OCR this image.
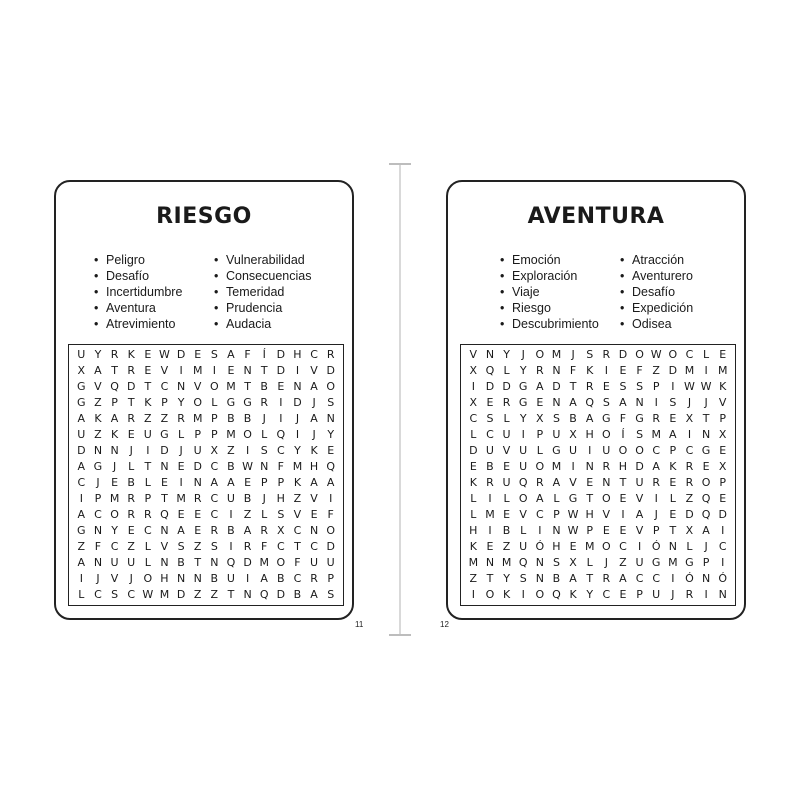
RIESGO
• Peligro
• Desafío
• Incertidumbre
• Aventura
• Atrevimiento
• Vulnerabilidad
• Consecuencias
• Temeridad
• Prudencia
• Audacia
U Y R K E W D E S A F	Í D H C R
X A T R E V	I M I	E N T D I	V D
G V Q D T C N V O M T B E N A O
G Z P T K P Y O L G G R	I D J	S
A K A R Z Z R M P B B	J	I	J	A N
U Z K E U G L P P M O L Q I	J	Y
D N N J	I D J U X Z	I	S C Y K E
A G J	L T N E D C B W N F M H Q
C	J	E B L E	I N A A E P P K A A
I	P M R P T M R C U B	J H Z V	I
A C O R R Q E E C	I	Z L S V E F
G N Y E C N A E R B A R X C N O
Z F C Z L V S Z S	I	R F C T C D
A N U U L N B T N Q D M O F U U
I	J	V	J O H N N B U I	A B C R P
L C S C W M D Z Z T N Q D B A S
11
AVENTURA
• Emoción
• Exploración
• Viaje
• Riesgo
• Descubrimiento
• Atracción
• Aventurero
• Desafío
• Expedición
• Odisea
V N Y	J O M J	S R D O W O C L E
X Q L Y R N F K	I	E F Z D M I M
I D D G A D T R E S S P	I W W K
X E R G E N A Q S A N I	S	J	J	V
C S L Y X S B A G F G R E X T P
L C U I	P U X H O Í	S M A	I N X
D U V U L G U I U O O C P C G E
E B E U O M I N R H D A K R E X
K R U Q R A V E N T U R E R O P
L	I	L O A L G T O E V	I	L Z Q E
L M E V C P W H V	I	A	J	E D Q D
H I	B L	I N W P E E V P T X A	I
K E Z U Ó H E M O C	I Ó N L	J	C
M N M Q N S X L	J	Z U G M G P	I
Z T Y S N B A T R A C C	I Ó N Ó
I O K	I O Q K Y C E P U J	R	I N
12
